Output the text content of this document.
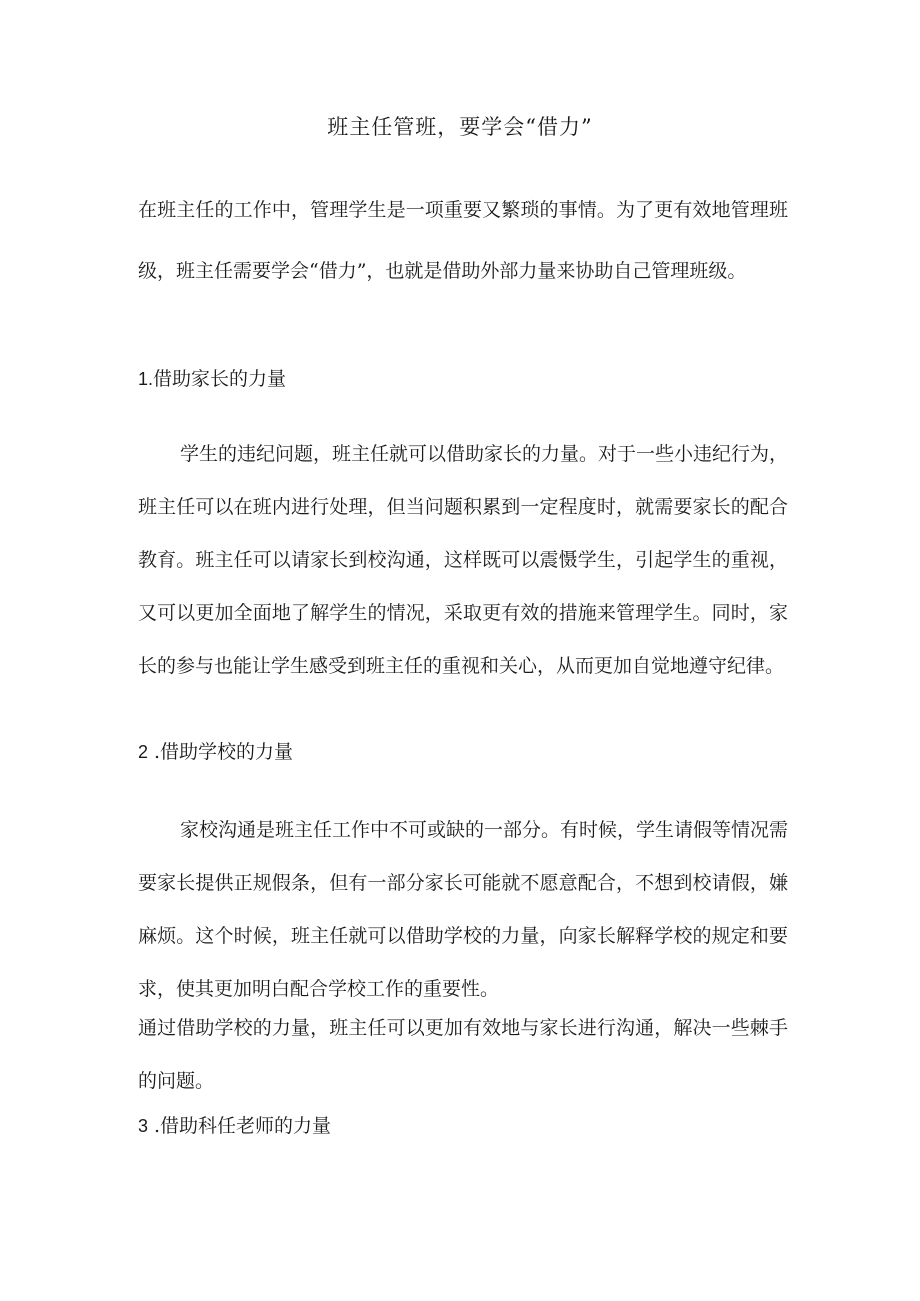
班主任管班，要学会“借力”

在班主任的工作中，管理学生是一项重要又繁琐的事情。为了更有效地管理班级，班主任需要学会“借力”，也就是借助外部力量来协助自己管理班级。

1.借助家长的力量

学生的违纪问题，班主任就可以借助家长的力量。对于一些小违纪行为，班主任可以在班内进行处理，但当问题积累到一定程度时，就需要家长的配合教育。班主任可以请家长到校沟通，这样既可以震慑学生，引起学生的重视，又可以更加全面地了解学生的情况，采取更有效的措施来管理学生。同时，家长的参与也能让学生感受到班主任的重视和关心，从而更加自觉地遵守纪律。

2 .借助学校的力量

家校沟通是班主任工作中不可或缺的一部分。有时候，学生请假等情况需要家长提供正规假条，但有一部分家长可能就不愿意配合，不想到校请假，嫌麻烦。这个时候，班主任就可以借助学校的力量，向家长解释学校的规定和要求，使其更加明白配合学校工作的重要性。

通过借助学校的力量，班主任可以更加有效地与家长进行沟通，解决一些棘手的问题。

3 .借助科任老师的力量
